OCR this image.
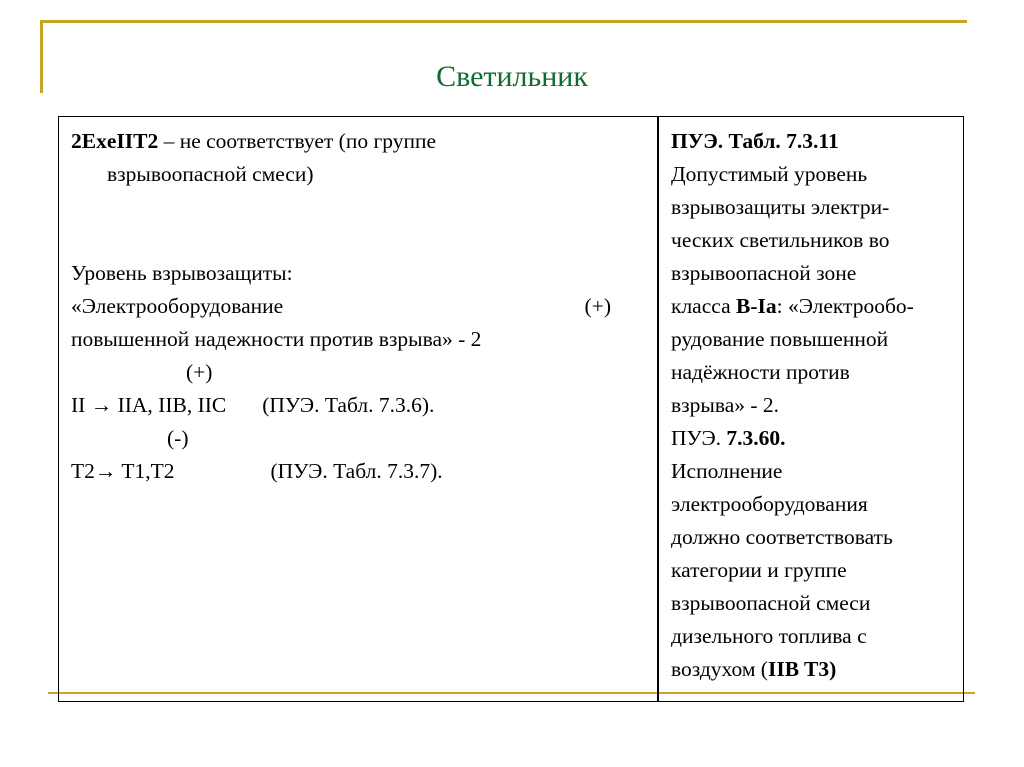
Светильник
2ExeIIT2 – не соответствует (по группе
взрывоопасной смеси)
Уровень взрывозащиты:
«Электрооборудование	(+)
повышенной надежности против взрыва» - 2
(+)
II → IIA, IIB, IIC (ПУЭ. Табл. 7.3.6).
(-)
T2→ T1,T2	(ПУЭ. Табл. 7.3.7).
ПУЭ. Табл. 7.3.11
Допустимый уровень
взрывозащиты электри-
ческих светильников во
взрывоопасной зоне
класса В-Iа: «Электрообо-
рудование повышенной
надёжности против
взрыва» - 2.
ПУЭ. 7.3.60.
Исполнение
электрооборудования
должно соответствовать
категории и группе
взрывоопасной смеси
дизельного топлива с
воздухом (IIB T3)
